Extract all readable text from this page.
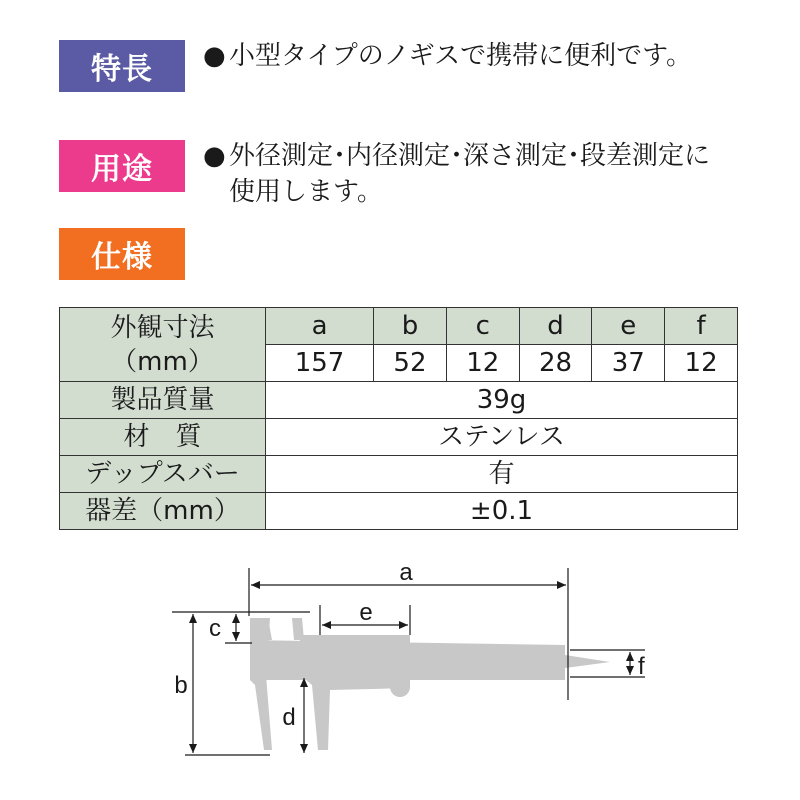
特長	● 小型タイプのノギスで携帯に便利です。
用途	● 外径測定･内径測定･深さ測定･段差測定に
使用します。
仕様
外観寸法
（mm）	a	b	c	d	e	f
	157	52	12	28	37	12
製品質量	39g					
材　質	ステンレス					
デップスバー	有					
器差（mm）	±0.1					
a
e
b
c
d
f
